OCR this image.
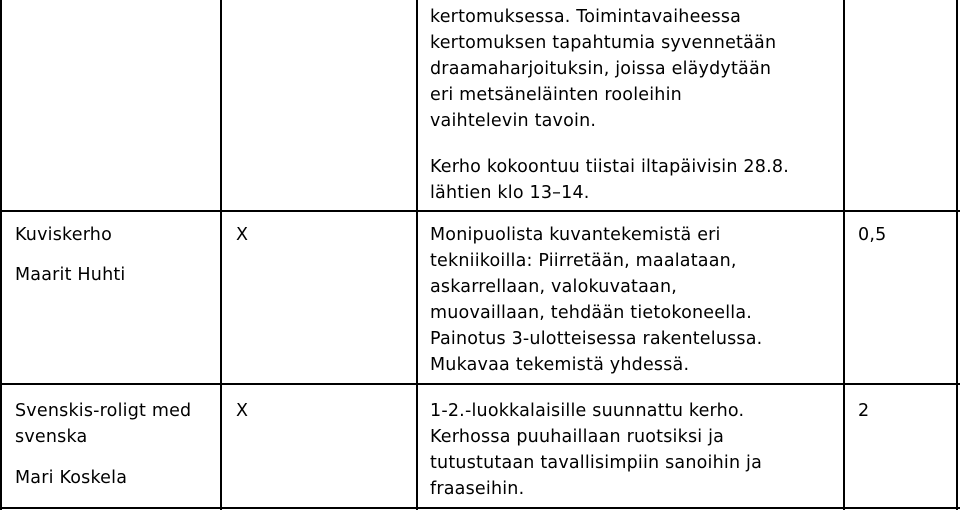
kertomuksessa. Toimintavaiheessa
kertomuksen tapahtumia syvennetään
draamaharjoituksin, joissa eläydytään
eri metsäneläinten rooleihin
vaihtelevin tavoin.
Kerho kokoontuu tiistai iltapäivisin 28.8.
lähtien klo 13–14.
Kuviskerho
Maarit Huhti
X	Monipuolista kuvantekemistä eri
tekniikoilla: Piirretään, maalataan,
askarrellaan, valokuvataan,
muovaillaan, tehdään tietokoneella.
Painotus 3-ulotteisessa rakentelussa.
Mukavaa tekemistä yhdessä.
0,5
Svenskis-roligt med
svenska
Mari Koskela
X	1-2.-luokkalaisille suunnattu kerho.
Kerhossa puuhaillaan ruotsiksi ja
tutustutaan tavallisimpiin sanoihin ja
fraaseihin.
2
